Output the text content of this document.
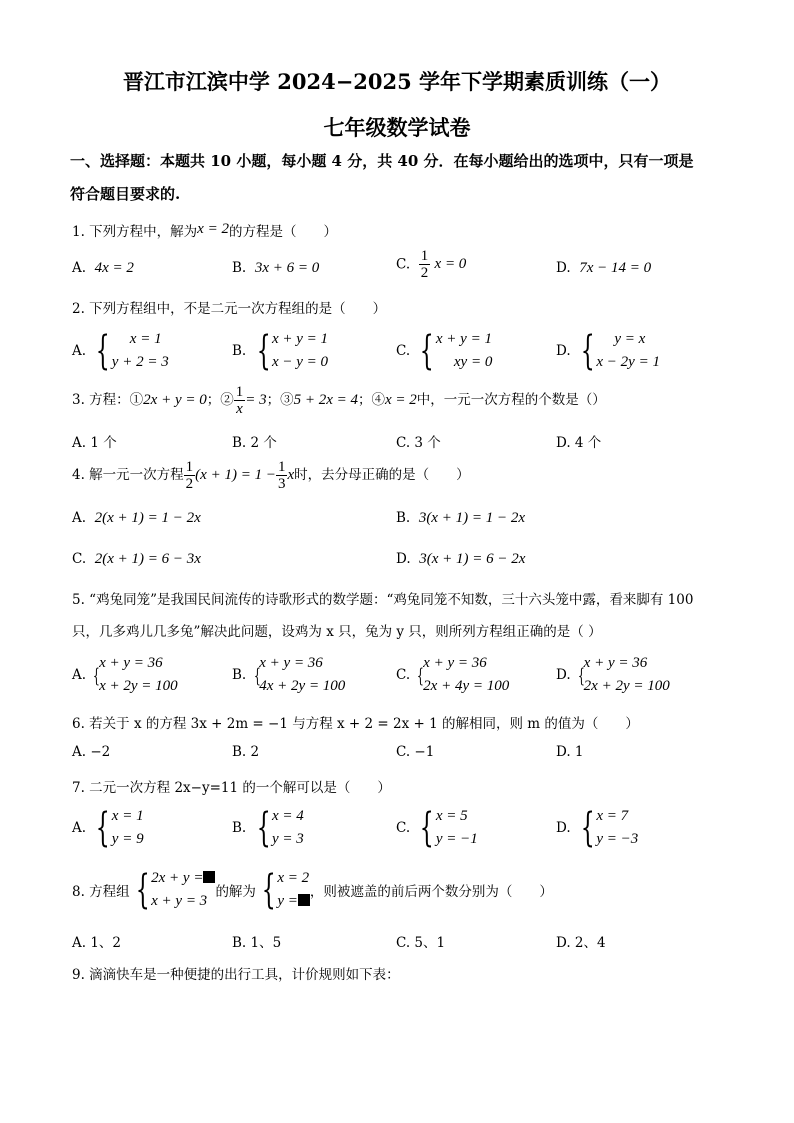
晋江市江滨中学 2024−2025 学年下学期素质训练（一）
七年级数学试卷
一、选择题：本题共 10 小题，每小题 4 分，共 40 分．在每小题给出的选项中，只有一项是
符合题目要求的.
1. 下列方程中，解为x = 2的方程是（　　）
A. 4x = 2	B. 3x + 6 = 0	C. $\frac{1}{2}$ x = 0	D. 7x − 14 = 0
2. 下列方程组中，不是二元一次方程组的是（　　）
A. {	x = 1
y + 2 = 3
B. { x + y = 1
x − y = 0
C. { x + y = 1
xy = 0
D. {	y = x
x − 2y = 1
3. 方程：①2x + y = 0；② $\frac{1}{x} = 3$；③5 + 2x = 4；④x = 2中，一元一次方程的个数是（）
A. 1 个	B. 2 个	C. 3 个	D. 4 个
4. 解一元一次方程 $\frac{1}{2} (x + 1) = 1 - \frac{1}{3}$ x时，去分母正确的是（　　）
A. 2(x + 1) = 1 − 2x	B. 3(x + 1) = 1 − 2x
C. 2(x + 1) = 6 − 3x	D. 3(x + 1) = 6 − 2x
5. “鸡兔同笼”是我国民间流传的诗歌形式的数学题：“鸡兔同笼不知数，三十六头笼中露，看来脚有 100
只，几多鸡儿几多兔”解决此问题，设鸡为 x 只，兔为 y 只，则所列方程组正确的是（ ）
A. {
x + y = 36
x + 2y = 100
B. {
x + y = 36
4x + 2y = 100
C. {
x + y = 36
2x + 4y = 100
D. {
x + y = 36
2x + 2y = 100
6. 若关于 x 的方程 3x + 2m = −1 与方程 x + 2 = 2x + 1 的解相同，则 m 的值为（　　）
A. −2	B. 2	C. −1	D. 1
7. 二元一次方程 2x−y=11 的一个解可以是（　　）
A. { x = 1
y = 9
B. { x = 4
y = 3
C. { x = 5
y = −1
D. { x = 7
y = −3
8. 方程组 { 2x + y =
x + y = 3
的解为 { x = 2
y =
，则被遮盖的前后两个数分别为（　　）
A. 1、2	B. 1、5	C. 5、1	D. 2、4
9. 滴滴快车是一种便捷的出行工具，计价规则如下表：
